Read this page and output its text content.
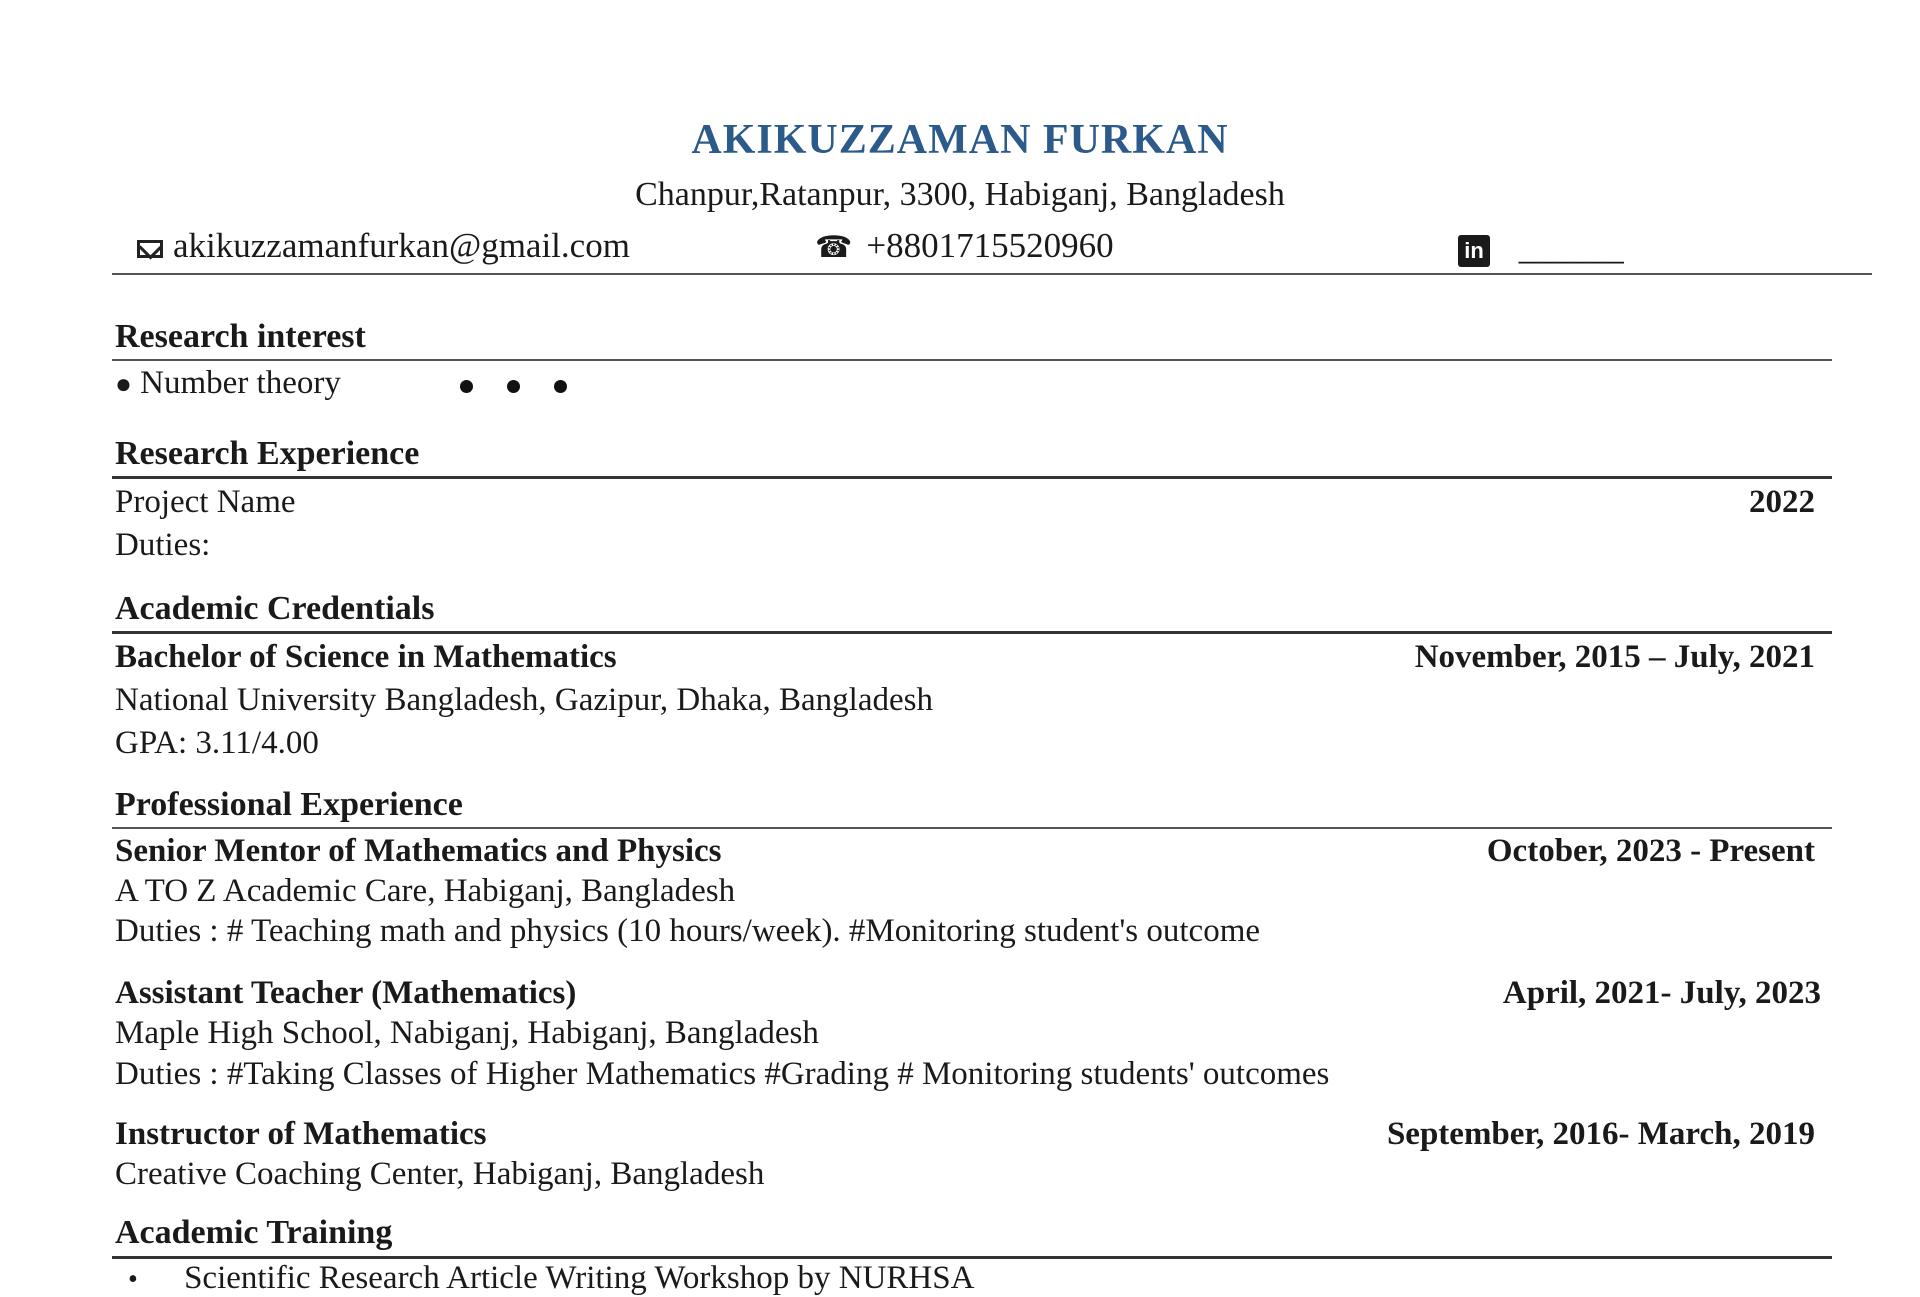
AKIKUZZAMAN FURKAN
Chanpur,Ratanpur, 3300, Habiganj, Bangladesh
akikuzzamanfurkan@gmail.com	☎ +8801715520960	in ______
Research interest
● Number theory

Research Experience
Project Name	2022
Duties:
Academic Credentials
Bachelor of Science in Mathematics	November, 2015 – July, 2021
National University Bangladesh, Gazipur, Dhaka, Bangladesh
GPA: 3.11/4.00
Professional Experience
Senior Mentor of Mathematics and Physics	October, 2023 - Present
A TO Z Academic Care, Habiganj, Bangladesh
Duties : # Teaching math and physics (10 hours/week). #Monitoring student's outcome
Assistant Teacher (Mathematics)	April, 2021- July, 2023
Maple High School, Nabiganj, Habiganj, Bangladesh
Duties : #Taking Classes of Higher Mathematics #Grading # Monitoring students' outcomes
Instructor of Mathematics	September, 2016- March, 2019
Creative Coaching Center, Habiganj, Bangladesh
Academic Training
• Scientific Research Article Writing Workshop by NURHSA
